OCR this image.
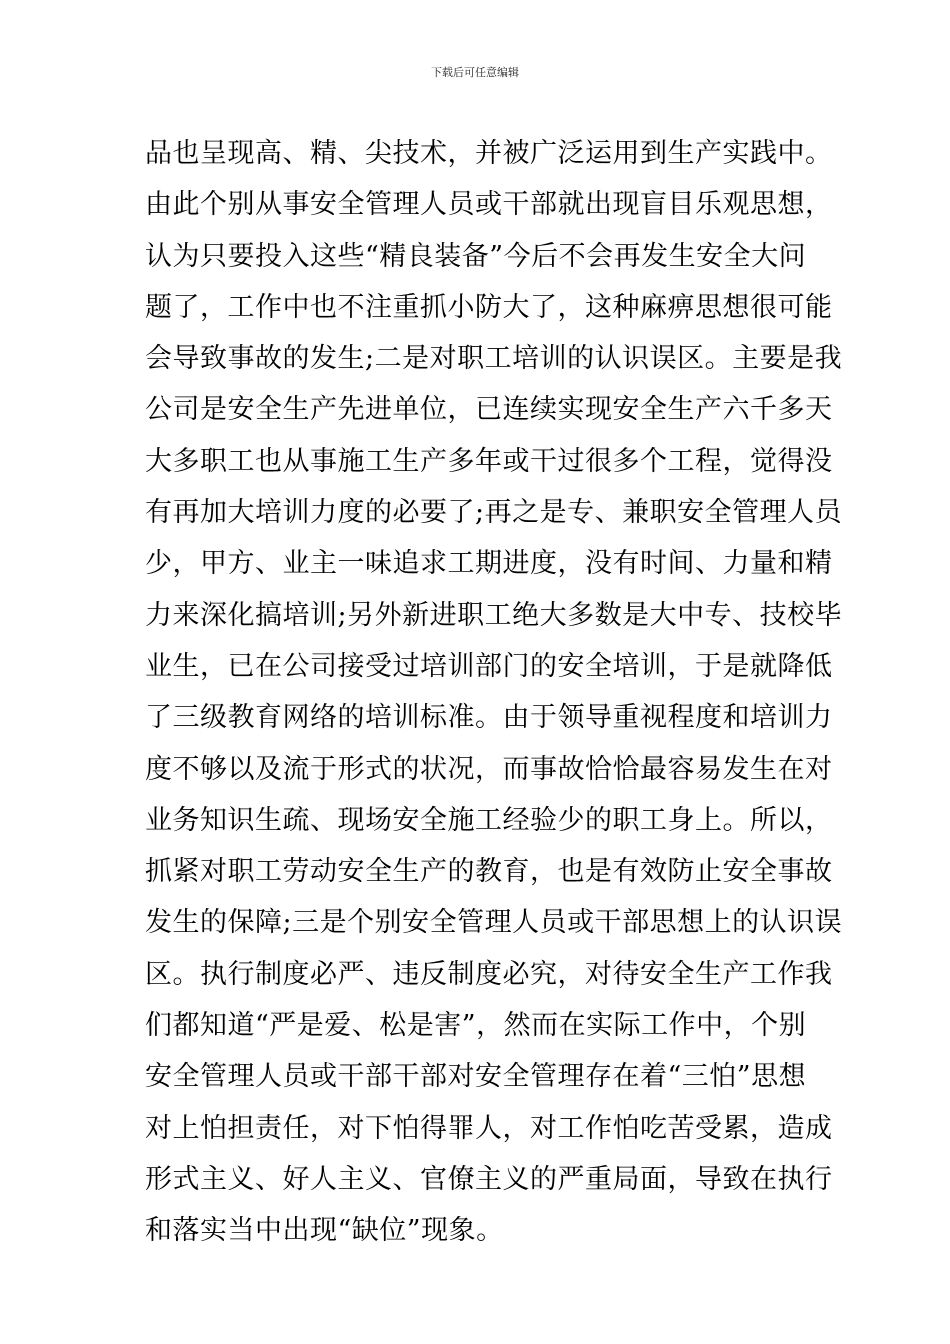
下载后可任意编辑
品也呈现高、精、尖技术，并被广泛运用到生产实践中。
由此个别从事安全管理人员或干部就出现盲目乐观思想，
认为只要投入这些“精良装备”今后不会再发生安全大问
题了，工作中也不注重抓小防大了，这种麻痹思想很可能
会导致事故的发生;二是对职工培训的认识误区。主要是我
公司是安全生产先进单位，已连续实现安全生产六千多天
大多职工也从事施工生产多年或干过很多个工程，觉得没
有再加大培训力度的必要了;再之是专、兼职安全管理人员
少，甲方、业主一味追求工期进度，没有时间、力量和精
力来深化搞培训;另外新进职工绝大多数是大中专、技校毕
业生，已在公司接受过培训部门的安全培训，于是就降低
了三级教育网络的培训标准。由于领导重视程度和培训力
度不够以及流于形式的状况，而事故恰恰最容易发生在对
业务知识生疏、现场安全施工经验少的职工身上。所以，
抓紧对职工劳动安全生产的教育，也是有效防止安全事故
发生的保障;三是个别安全管理人员或干部思想上的认识误
区。执行制度必严、违反制度必究，对待安全生产工作我
们都知道“严是爱、松是害”，然而在实际工作中，个别
安全管理人员或干部干部对安全管理存在着“三怕”思想
对上怕担责任，对下怕得罪人，对工作怕吃苦受累，造成
形式主义、好人主义、官僚主义的严重局面，导致在执行
和落实当中出现“缺位”现象。
